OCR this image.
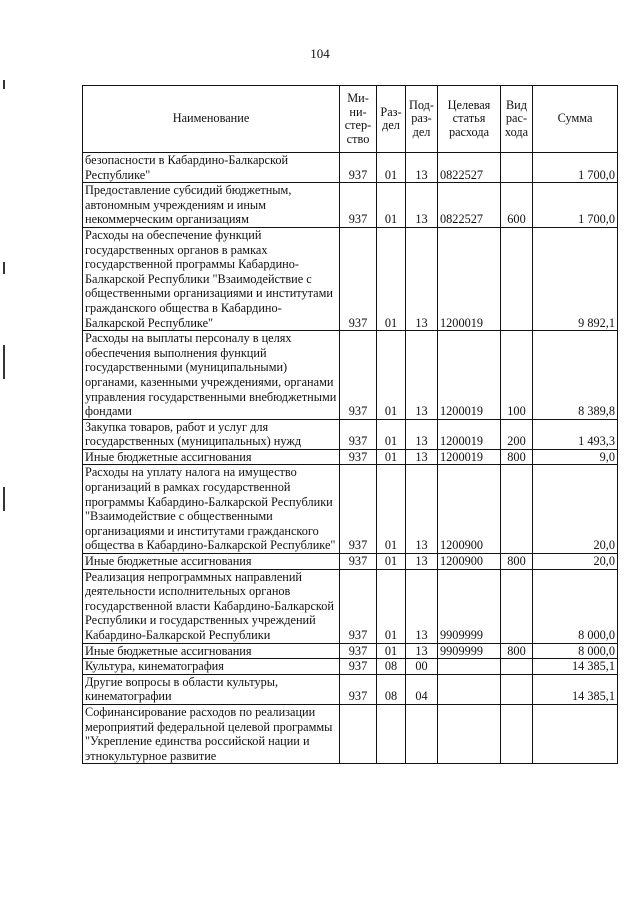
104
Наименование	Ми-ни-стер-ство	Раз-дел	Под-раз-дел	Целевая статья расхода	Вид рас-хода	Сумма
безопасности в Кабардино-Балкарской Республике"	937	01	13	0822527		1 700,0
Предоставление субсидий бюджетным, автономным учреждениям и иным некоммерческим организациям	937	01	13	0822527	600	1 700,0
Расходы на обеспечение функций государственных органов в рамках государственной программы Кабардино-Балкарской Республики "Взаимодействие с общественными организациями и институтами гражданского общества в Кабардино-Балкарской Республике"	937	01	13	1200019		9 892,1
Расходы на выплаты персоналу в целях обеспечения выполнения функций государственными (муниципальными) органами, казенными учреждениями, органами управления государственными внебюджетными фондами	937	01	13	1200019	100	8 389,8
Закупка товаров, работ и услуг для государственных (муниципальных) нужд	937	01	13	1200019	200	1 493,3
Иные бюджетные ассигнования	937	01	13	1200019	800	9,0
Расходы на уплату налога на имущество организаций в рамках государственной программы Кабардино-Балкарской Республики "Взаимодействие с общественными организациями и институтами гражданского общества в Кабардино-Балкарской Республике"	937	01	13	1200900		20,0
Иные бюджетные ассигнования	937	01	13	1200900	800	20,0
Реализация непрограммных направлений деятельности исполнительных органов государственной власти Кабардино-Балкарской Республики и государственных учреждений Кабардино-Балкарской Республики	937	01	13	9909999		8 000,0
Иные бюджетные ассигнования	937	01	13	9909999	800	8 000,0
Культура, кинематография	937	08	00			14 385,1
Другие вопросы в области культуры, кинематографии	937	08	04			14 385,1
Софинансирование расходов по реализации мероприятий федеральной целевой программы "Укрепление единства российской нации и этнокультурное развитие						
